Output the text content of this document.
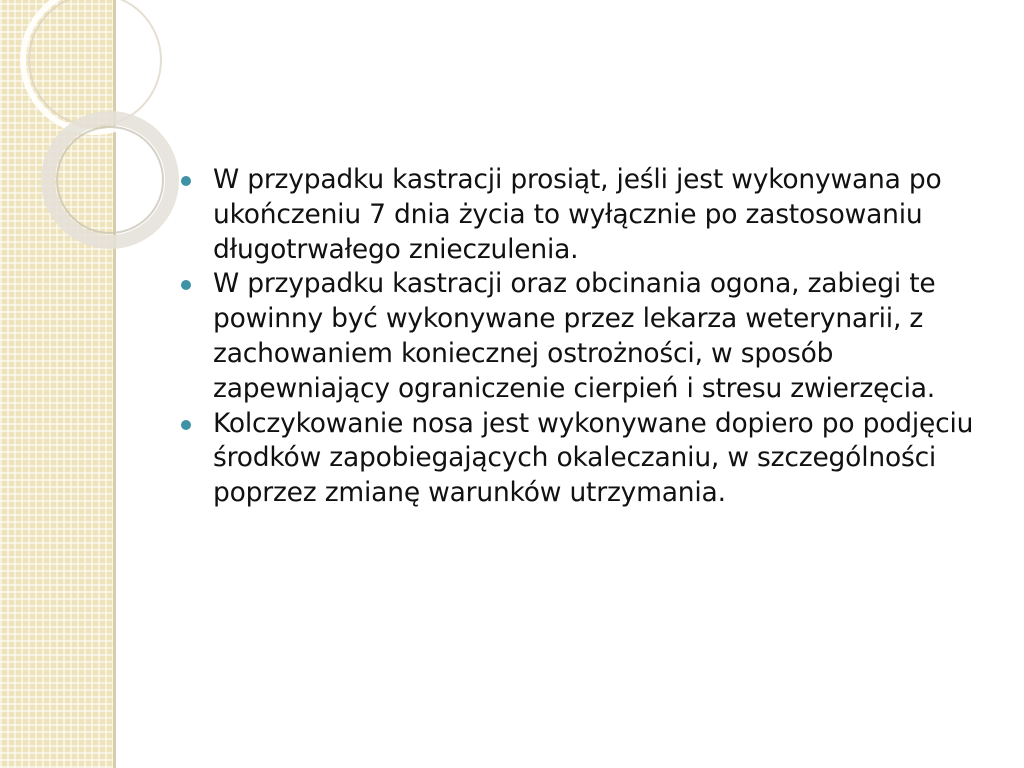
W przypadku kastracji prosiąt, jeśli jest wykonywana po ukończeniu 7 dnia życia to wyłącznie po zastosowaniu długotrwałego znieczulenia.
W przypadku kastracji oraz obcinania ogona, zabiegi te powinny być wykonywane przez lekarza weterynarii, z zachowaniem koniecznej ostrożności, w sposób zapewniający ograniczenie cierpień i stresu zwierzęcia.
Kolczykowanie nosa jest wykonywane dopiero po podjęciu środków zapobiegających okaleczaniu, w szczególności poprzez zmianę warunków utrzymania.
